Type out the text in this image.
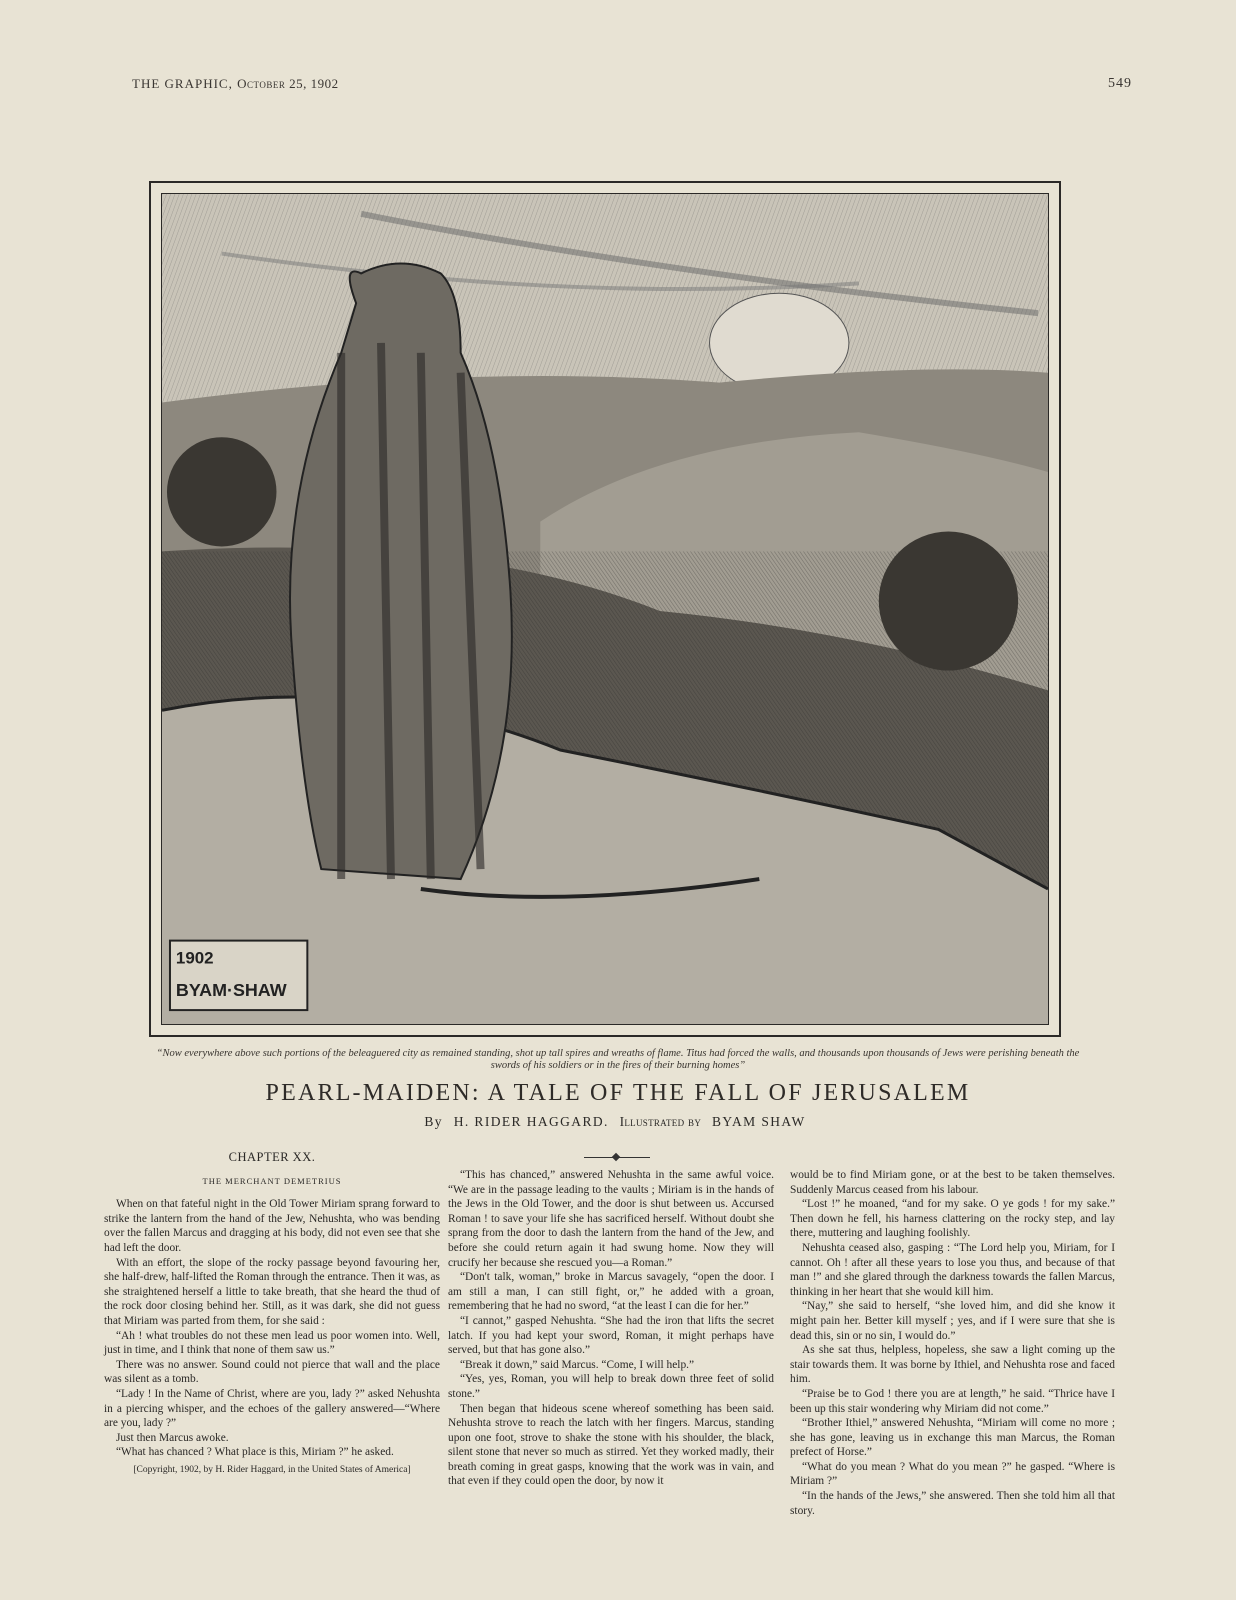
THE GRAPHIC, October 25, 1902	549
1902
BYAM·SHAW
“Now everywhere above such portions of the beleaguered city as remained standing, shot up tall spires and wreaths of flame. Titus had forced the walls, and thousands upon thousands of Jews were perishing beneath the swords of his soldiers or in the fires of their burning homes”
PEARL-MAIDEN: A TALE OF THE FALL OF JERUSALEM
By H. RIDER HAGGARD. Illustrated by BYAM SHAW
CHAPTER XX.
THE MERCHANT DEMETRIUS

When on that fateful night in the Old Tower Miriam sprang forward to strike the lantern from the hand of the Jew, Nehushta, who was bending over the fallen Marcus and dragging at his body, did not even see that she had left the door.

With an effort, the slope of the rocky passage beyond favouring her, she half-drew, half-lifted the Roman through the entrance. Then it was, as she straightened herself a little to take breath, that she heard the thud of the rock door closing behind her. Still, as it was dark, she did not guess that Miriam was parted from them, for she said :

“Ah ! what troubles do not these men lead us poor women into. Well, just in time, and I think that none of them saw us.”

There was no answer. Sound could not pierce that wall and the place was silent as a tomb.

“Lady ! In the Name of Christ, where are you, lady ?” asked Nehushta in a piercing whisper, and the echoes of the gallery answered—“Where are you, lady ?”

Just then Marcus awoke.

“What has chanced ? What place is this, Miriam ?” he asked.

[Copyright, 1902, by H. Rider Haggard, in the United States of America]

“This has chanced,” answered Nehushta in the same awful voice. “We are in the passage leading to the vaults ; Miriam is in the hands of the Jews in the Old Tower, and the door is shut between us. Accursed Roman ! to save your life she has sacrificed herself. Without doubt she sprang from the door to dash the lantern from the hand of the Jew, and before she could return again it had swung home. Now they will crucify her because she rescued you—a Roman.”

“Don't talk, woman,” broke in Marcus savagely, “open the door. I am still a man, I can still fight, or,” he added with a groan, remembering that he had no sword, “at the least I can die for her.”

“I cannot,” gasped Nehushta. “She had the iron that lifts the secret latch. If you had kept your sword, Roman, it might perhaps have served, but that has gone also.”

“Break it down,” said Marcus. “Come, I will help.”

“Yes, yes, Roman, you will help to break down three feet of solid stone.”

Then began that hideous scene whereof something has been said. Nehushta strove to reach the latch with her fingers. Marcus, standing upon one foot, strove to shake the stone with his shoulder, the black, silent stone that never so much as stirred. Yet they worked madly, their breath coming in great gasps, knowing that the work was in vain, and that even if they could open the door, by now it

would be to find Miriam gone, or at the best to be taken themselves. Suddenly Marcus ceased from his labour.

“Lost !” he moaned, “and for my sake. O ye gods ! for my sake.” Then down he fell, his harness clattering on the rocky step, and lay there, muttering and laughing foolishly.

Nehushta ceased also, gasping : “The Lord help you, Miriam, for I cannot. Oh ! after all these years to lose you thus, and because of that man !” and she glared through the darkness towards the fallen Marcus, thinking in her heart that she would kill him.

“Nay,” she said to herself, “she loved him, and did she know it might pain her. Better kill myself ; yes, and if I were sure that she is dead this, sin or no sin, I would do.”

As she sat thus, helpless, hopeless, she saw a light coming up the stair towards them. It was borne by Ithiel, and Nehushta rose and faced him.

“Praise be to God ! there you are at length,” he said. “Thrice have I been up this stair wondering why Miriam did not come.”

“Brother Ithiel,” answered Nehushta, “Miriam will come no more ; she has gone, leaving us in exchange this man Marcus, the Roman prefect of Horse.”

“What do you mean ? What do you mean ?” he gasped. “Where is Miriam ?”

“In the hands of the Jews,” she answered. Then she told him all that story.
